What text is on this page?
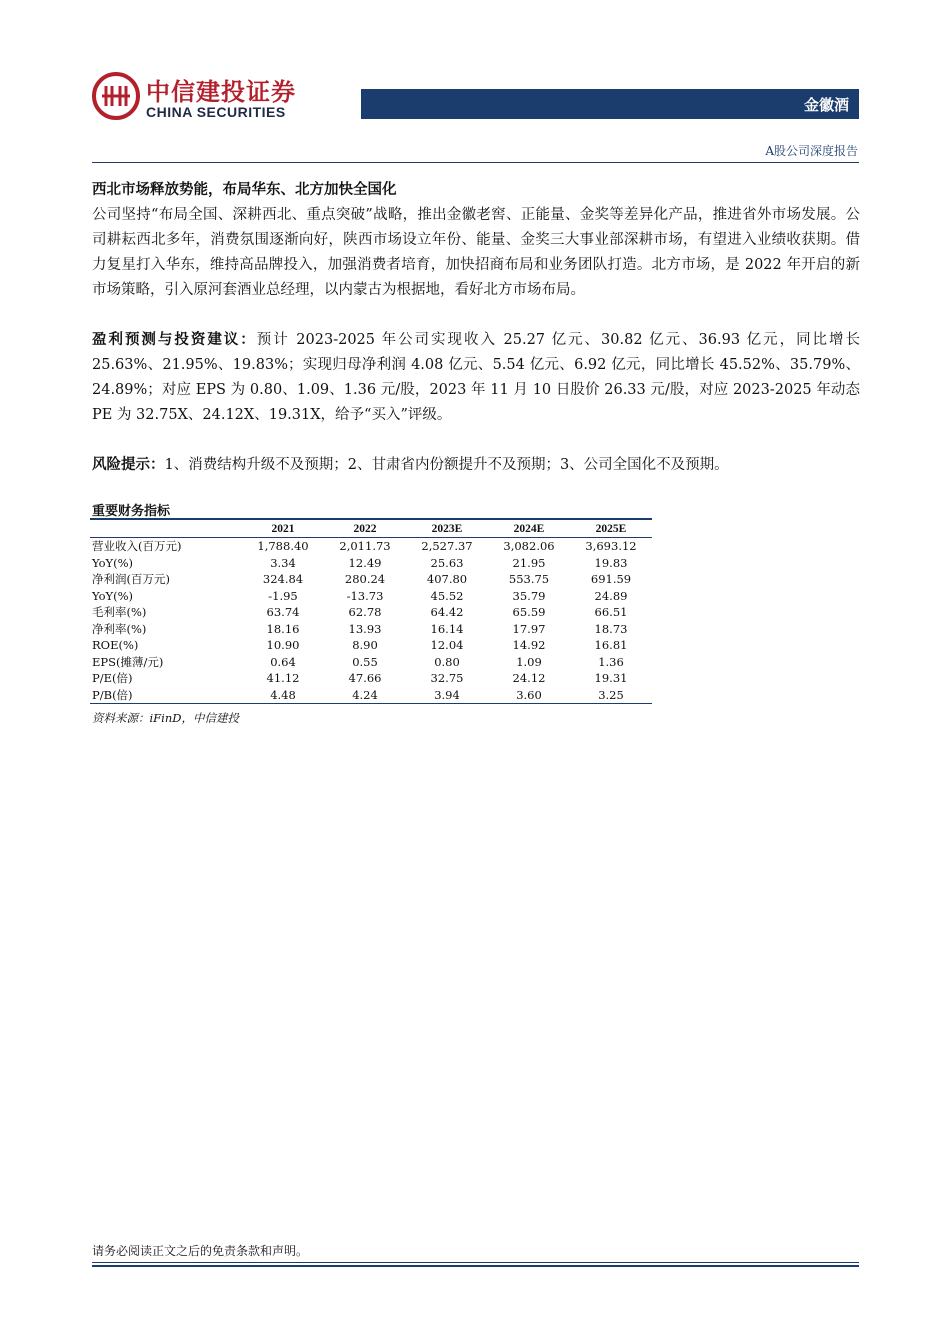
中信建投证券
CHINA SECURITIES	金徽酒
A股公司深度报告
西北市场释放势能，布局华东、北方加快全国化
公司坚持“布局全国、深耕西北、重点突破”战略，推出金徽老窖、正能量、金奖等差异化产品，推进省外市场发展。公司耕耘西北多年，消费氛围逐渐向好，陕西市场设立年份、能量、金奖三大事业部深耕市场，有望进入业绩收获期。借力复星打入华东，维持高品牌投入，加强消费者培育，加快招商布局和业务团队打造。北方市场，是 2022 年开启的新市场策略，引入原河套酒业总经理，以内蒙古为根据地，看好北方市场布局。
盈利预测与投资建议：预计 2023-2025 年公司实现收入 25.27 亿元、30.82 亿元、36.93 亿元，同比增长 25.63%、21.95%、19.83%；实现归母净利润 4.08 亿元、5.54 亿元、6.92 亿元，同比增长 45.52%、35.79%、24.89%；对应 EPS 为 0.80、1.09、1.36 元/股，2023 年 11 月 10 日股价 26.33 元/股，对应 2023-2025 年动态 PE 为 32.75X、24.12X、19.31X，给予“买入”评级。
风险提示：1、消费结构升级不及预期；2、甘肃省内份额提升不及预期；3、公司全国化不及预期。
重要财务指标
	2021	2022	2023E	2024E	2025E
营业收入(百万元)	1,788.40	2,011.73	2,527.37	3,082.06	3,693.12
YoY(%)	3.34	12.49	25.63	21.95	19.83
净利润(百万元)	324.84	280.24	407.80	553.75	691.59
YoY(%)	-1.95	-13.73	45.52	35.79	24.89
毛利率(%)	63.74	62.78	64.42	65.59	66.51
净利率(%)	18.16	13.93	16.14	17.97	18.73
ROE(%)	10.90	8.90	12.04	14.92	16.81
EPS(摊薄/元)	0.64	0.55	0.80	1.09	1.36
P/E(倍)	41.12	47.66	32.75	24.12	19.31
P/B(倍)	4.48	4.24	3.94	3.60	3.25
资料来源：iFinD，中信建投
请务必阅读正文之后的免责条款和声明。
